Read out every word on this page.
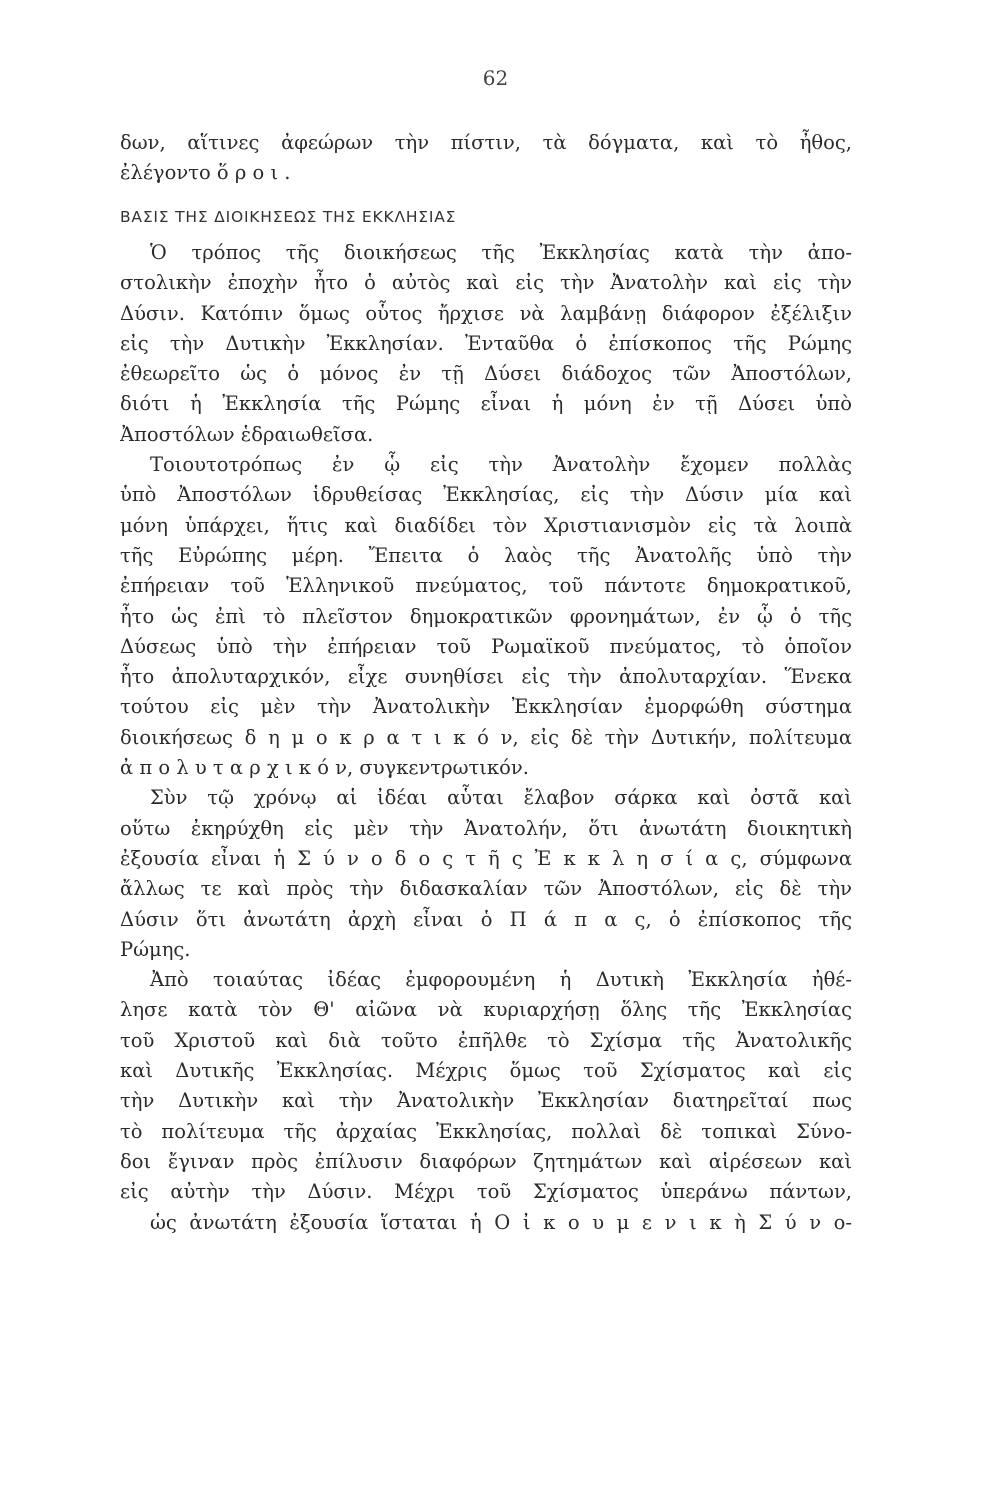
62
δων, αἵτινες ἀφεώρων τὴν πίστιν, τὰ δόγματα, καὶ τὸ ἦθος,
ἐλέγοντο ὅ ρ ο ι .
ΒΑΣΙΣ ΤΗΣ ΔΙΟΙΚΗΣΕΩΣ ΤΗΣ ΕΚΚΛΗΣΙΑΣ
Ὁ τρόπος τῆς διοικήσεως τῆς Ἐκκλησίας κατὰ τὴν ἀπο-
στολικὴν ἐποχὴν ἦτο ὁ αὐτὸς καὶ εἰς τὴν Ἀνατολὴν καὶ εἰς τὴν
Δύσιν. Κατόπιν ὅμως οὗτος ἤρχισε νὰ λαμβάνῃ διάφορον ἐξέλιξιν
εἰς τὴν Δυτικὴν Ἐκκλησίαν. Ἐνταῦθα ὁ ἐπίσκοπος τῆς Ρώμης
ἐθεωρεῖτο ὡς ὁ μόνος ἐν τῇ Δύσει διάδοχος τῶν Ἀποστόλων,
διότι ἡ Ἐκκλησία τῆς Ρώμης εἶναι ἡ μόνη ἐν τῇ Δύσει ὑπὸ
Ἀποστόλων ἑδραιωθεῖσα.
Τοιουτοτρόπως ἐν ᾧ εἰς τὴν Ἀνατολὴν ἔχομεν πολλὰς
ὑπὸ Ἀποστόλων ἱδρυθείσας Ἐκκλησίας, εἰς τὴν Δύσιν μία καὶ
μόνη ὑπάρχει, ἥτις καὶ διαδίδει τὸν Χριστιανισμὸν εἰς τὰ λοιπὰ
τῆς Εὐρώπης μέρη. Ἔπειτα ὁ λαὸς τῆς Ἀνατολῆς ὑπὸ τὴν
ἐπήρειαν τοῦ Ἑλληνικοῦ πνεύματος, τοῦ πάντοτε δημοκρατικοῦ,
ἦτο ὡς ἐπὶ τὸ πλεῖστον δημοκρατικῶν φρονημάτων, ἐν ᾧ ὁ τῆς
Δύσεως ὑπὸ τὴν ἐπήρειαν τοῦ Ρωμαϊκοῦ πνεύματος, τὸ ὁποῖον
ἦτο ἀπολυταρχικόν, εἶχε συνηθίσει εἰς τὴν ἀπολυταρχίαν. Ἕνεκα
τούτου εἰς μὲν τὴν Ἀνατολικὴν Ἐκκλησίαν ἐμορφώθη σύστημα
διοικήσεως δ η μ ο κ ρ α τ ι κ ό ν, εἰς δὲ τὴν Δυτικήν, πολίτευμα
ἀ π ο λ υ τ α ρ χ ι κ ό ν, συγκεντρωτικόν.
Σὺν τῷ χρόνῳ αἱ ἰδέαι αὗται ἔλαβον σάρκα καὶ ὀστᾶ καὶ
οὕτω ἐκηρύχθη εἰς μὲν τὴν Ἀνατολήν, ὅτι ἀνωτάτη διοικητικὴ
ἐξουσία εἶναι ἡ Σ ύ ν ο δ ο ς τ ῆ ς Ἐ κ κ λ η σ ί α ς, σύμφωνα
ἄλλως τε καὶ πρὸς τὴν διδασκαλίαν τῶν Ἀποστόλων, εἰς δὲ τὴν
Δύσιν ὅτι ἀνωτάτη ἀρχὴ εἶναι ὁ Π ά π α ς, ὁ ἐπίσκοπος τῆς
Ρώμης.
Ἀπὸ τοιαύτας ἰδέας ἐμφορουμένη ἡ Δυτικὴ Ἐκκλησία ἠθέ-
λησε κατὰ τὸν Θ' αἰῶνα νὰ κυριαρχήσῃ ὅλης τῆς Ἐκκλησίας
τοῦ Χριστοῦ καὶ διὰ τοῦτο ἐπῆλθε τὸ Σχίσμα τῆς Ἀνατολικῆς
καὶ Δυτικῆς Ἐκκλησίας. Μέχρις ὅμως τοῦ Σχίσματος καὶ εἰς
τὴν Δυτικὴν καὶ τὴν Ἀνατολικὴν Ἐκκλησίαν διατηρεῖταί πως
τὸ πολίτευμα τῆς ἀρχαίας Ἐκκλησίας, πολλαὶ δὲ τοπικαὶ Σύνο-
δοι ἔγιναν πρὸς ἐπίλυσιν διαφόρων ζητημάτων καὶ αἱρέσεων καὶ
εἰς αὐτὴν τὴν Δύσιν. Μέχρι τοῦ Σχίσματος ὑπεράνω πάντων,
ὡς ἀνωτάτη ἐξουσία ἵσταται ἡ Ο ἰ κ ο υ μ ε ν ι κ ὴ Σ ύ ν ο-
